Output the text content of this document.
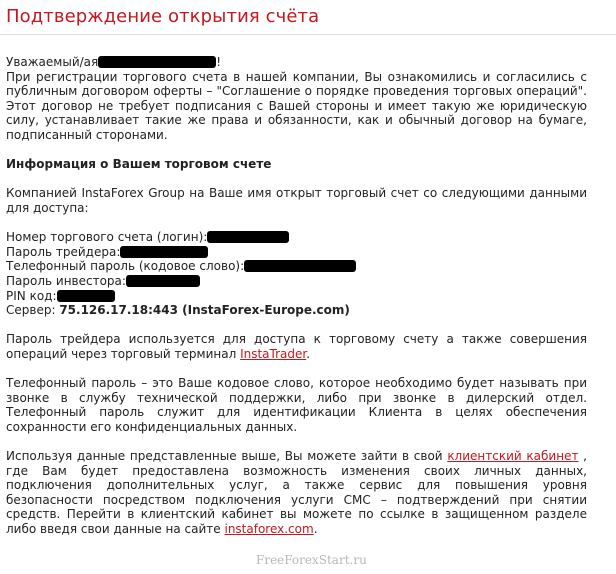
Подтверждение открытия счёта

Уважаемый/ая	!

При регистрации торгового счета в нашей компании, Вы ознакомились и согласились с публичным договором оферты – "Соглашение о порядке проведения торговых операций". Этот договор не требует подписания с Вашей стороны и имеет такую же юридическую силу, устанавливает такие же права и обязанности, как и обычный договор на бумаге, подписанный сторонами.

Информация о Вашем торговом счете

Компанией InstaForex Group на Ваше имя открыт торговый счет со следующими данными для доступа:

Номер торгового счета (логин):

Пароль трейдера:

Телефонный пароль (кодовое слово):

Пароль инвестора:

PIN код:

Сервер: 75.126.17.18:443 (InstaForex-Europe.com)

Пароль трейдера используется для доступа к торговому счету а также совершения операций через торговый терминал InstaTrader.

Телефонный пароль – это Ваше кодовое слово, которое необходимо будет называть при звонке в службу технической поддержки, либо при звонке в дилерский отдел. Телефонный пароль служит для идентификации Клиента в целях обеспечения сохранности его конфиденциальных данных.

Используя данные представленные выше, Вы можете зайти в свой клиентский кабинет , где Вам будет предоставлена возможность изменения своих личных данных, подключения дополнительных услуг, а также сервис для повышения уровня безопасности посредством подключения услуги СМС – подтверждений при снятии средств. Перейти в клиентский кабинет вы можете по ссылке в защищенном разделе либо введя свои данные на сайте instaforex.com.

FreeForexStart.ru
